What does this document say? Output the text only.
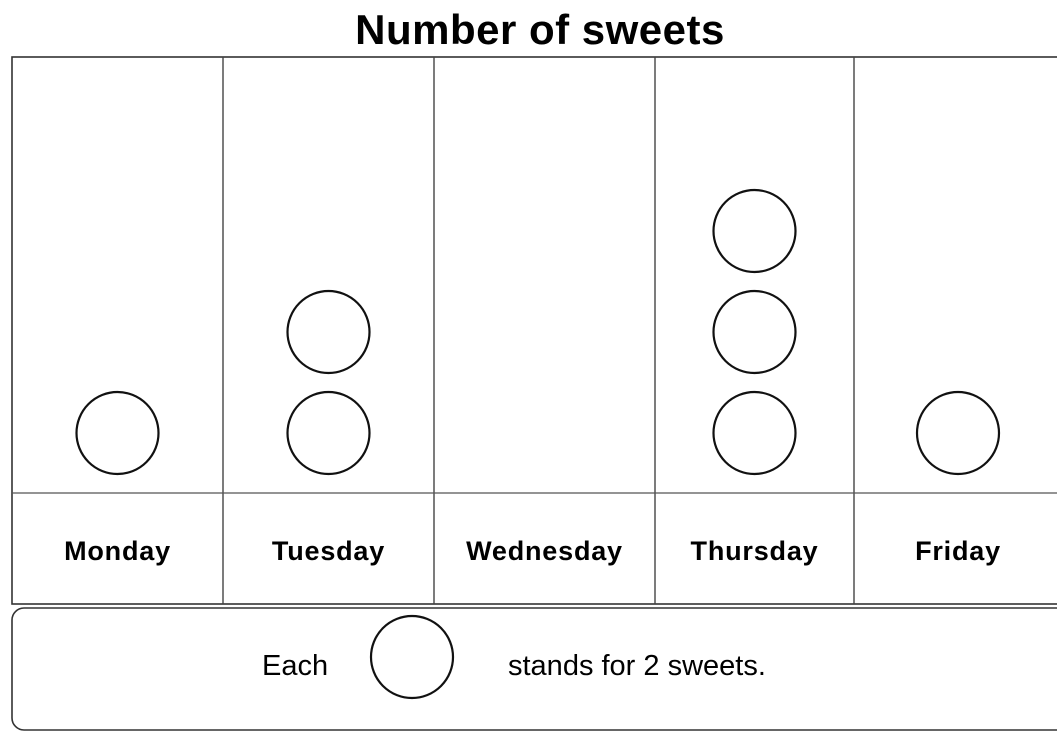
Number of sweets
Monday	Tuesday	Wednesday	Thursday	Friday
Each	stands for 2 sweets.
